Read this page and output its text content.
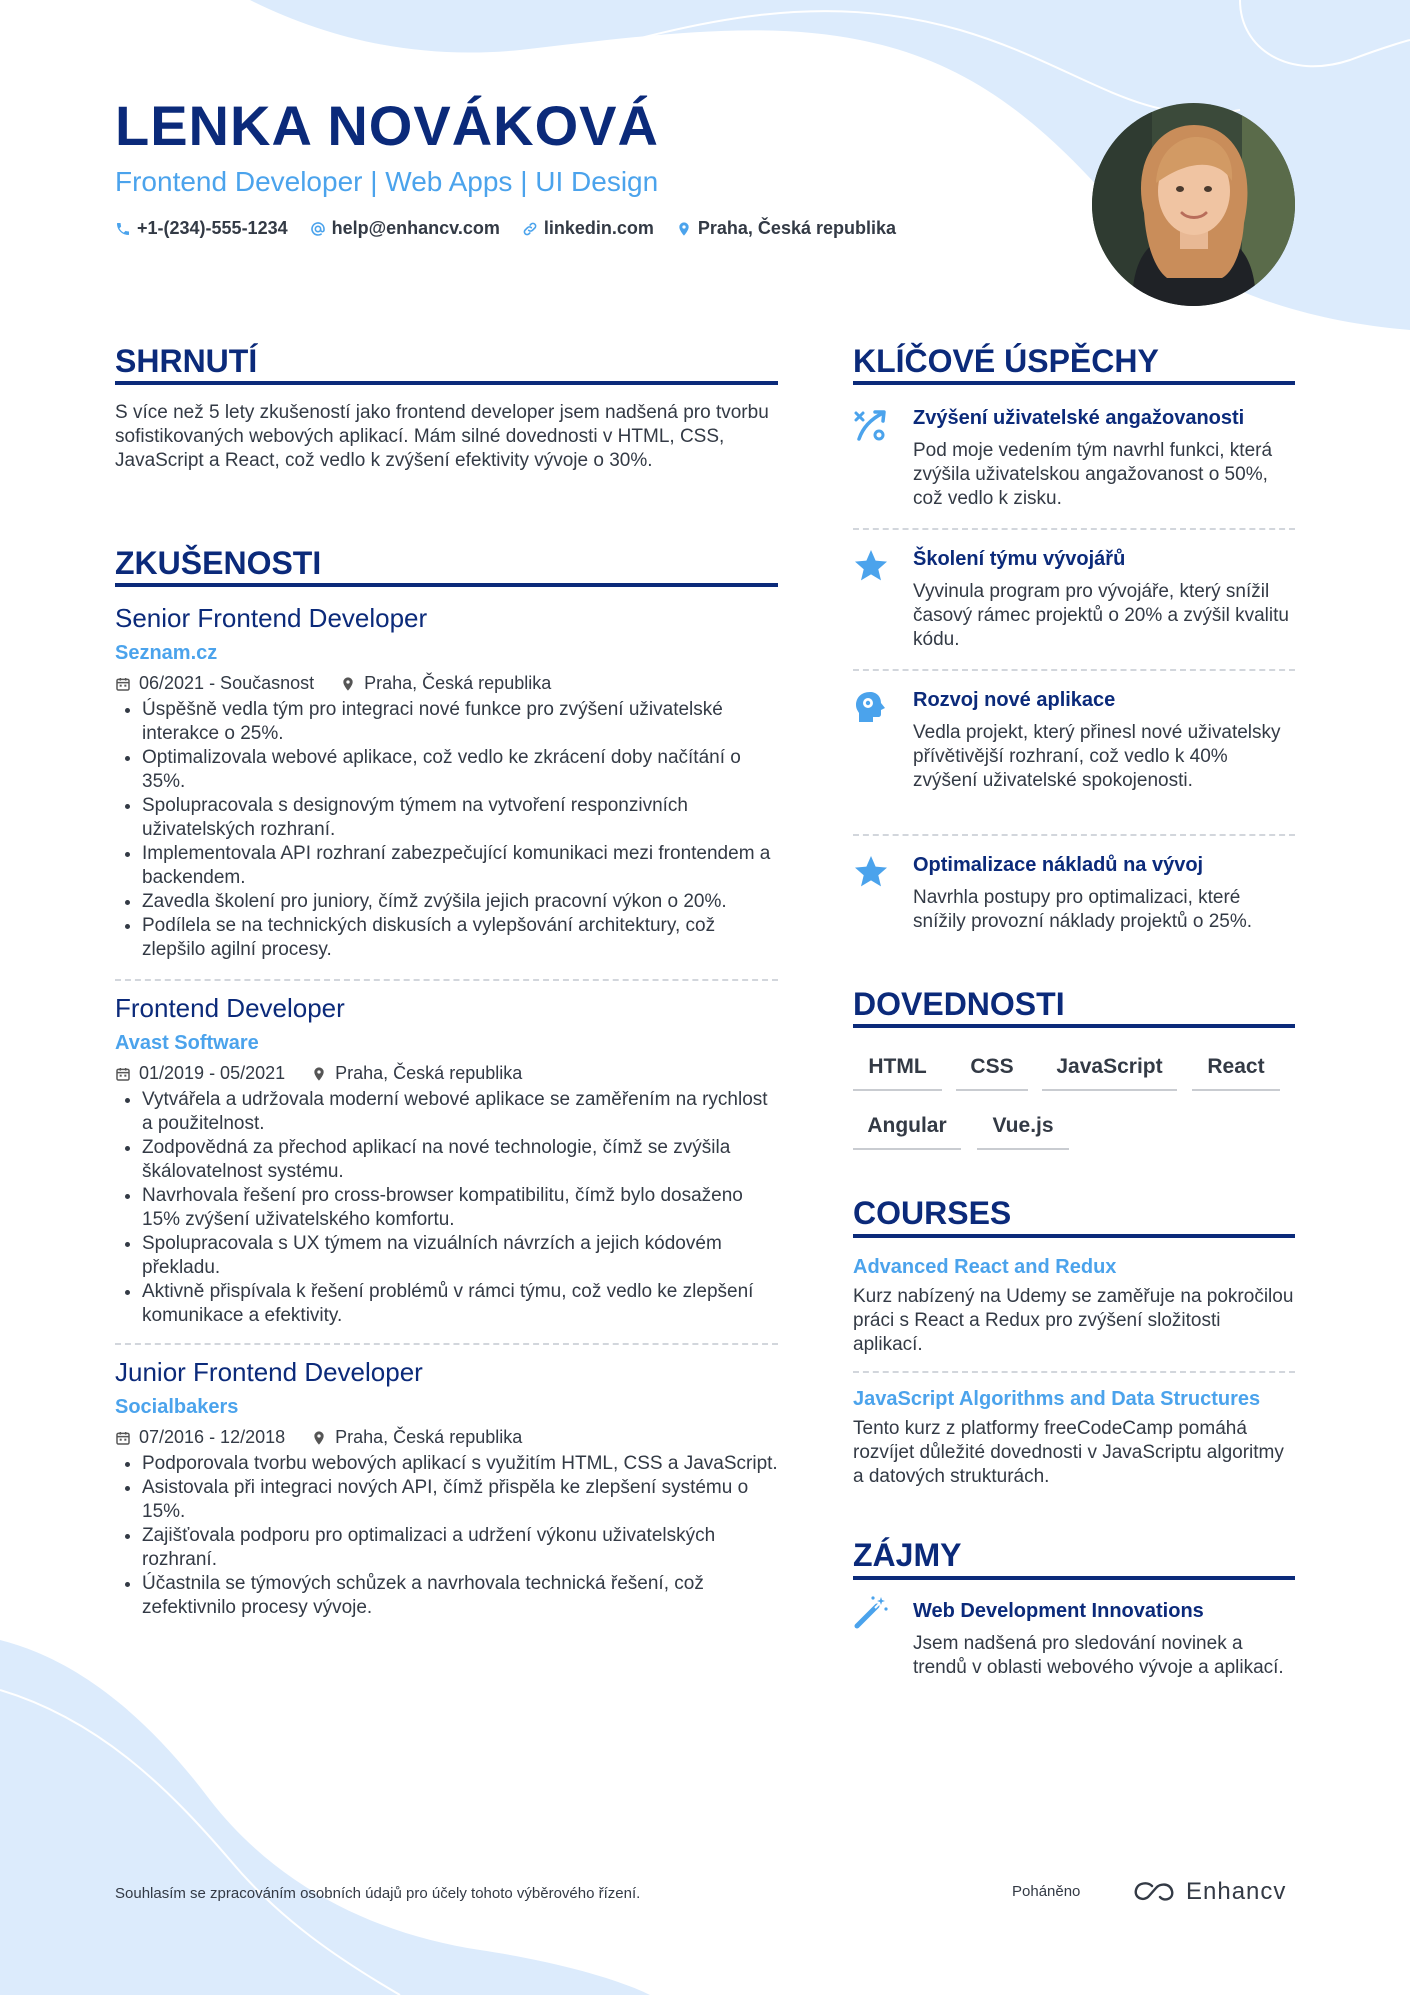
LENKA NOVÁKOVÁ
Frontend Developer | Web Apps | UI Design
+1-(234)-555-1234 help@enhancv.com linkedin.com Praha, Česká republika
SHRNUTÍ
S více než 5 lety zkušeností jako frontend developer jsem nadšená pro tvorbu sofistikovaných webových aplikací. Mám silné dovednosti v HTML, CSS, JavaScript a React, což vedlo k zvýšení efektivity vývoje o 30%.
ZKUŠENOSTI
Senior Frontend Developer
Seznam.cz
06/2021 - Současnost	Praha, Česká republika
• Úspěšně vedla tým pro integraci nové funkce pro zvýšení uživatelské interakce o 25%.
• Optimalizovala webové aplikace, což vedlo ke zkrácení doby načítání o 35%.
• Spolupracovala s designovým týmem na vytvoření responzivních uživatelských rozhraní.
• Implementovala API rozhraní zabezpečující komunikaci mezi frontendem a backendem.
• Zavedla školení pro juniory, čímž zvýšila jejich pracovní výkon o 20%.
• Podílela se na technických diskusích a vylepšování architektury, což zlepšilo agilní procesy.
Frontend Developer
Avast Software
01/2019 - 05/2021	Praha, Česká republika
• Vytvářela a udržovala moderní webové aplikace se zaměřením na rychlost a použitelnost.
• Zodpovědná za přechod aplikací na nové technologie, čímž se zvýšila škálovatelnost systému.
• Navrhovala řešení pro cross-browser kompatibilitu, čímž bylo dosaženo 15% zvýšení uživatelského komfortu.
• Spolupracovala s UX týmem na vizuálních návrzích a jejich kódovém překladu.
• Aktivně přispívala k řešení problémů v rámci týmu, což vedlo ke zlepšení komunikace a efektivity.
Junior Frontend Developer
Socialbakers
07/2016 - 12/2018	Praha, Česká republika
• Podporovala tvorbu webových aplikací s využitím HTML, CSS a JavaScript.
• Asistovala při integraci nových API, čímž přispěla ke zlepšení systému o 15%.
• Zajišťovala podporu pro optimalizaci a udržení výkonu uživatelských rozhraní.
• Účastnila se týmových schůzek a navrhovala technická řešení, což zefektivnilo procesy vývoje.
KLÍČOVÉ ÚSPĚCHY
Zvýšení uživatelské angažovanosti
Pod moje vedením tým navrhl funkci, která zvýšila uživatelskou angažovanost o 50%, což vedlo k zisku.
Školení týmu vývojářů
Vyvinula program pro vývojáře, který snížil časový rámec projektů o 20% a zvýšil kvalitu kódu.
Rozvoj nové aplikace
Vedla projekt, který přinesl nové uživatelsky přívětivější rozhraní, což vedlo k 40% zvýšení uživatelské spokojenosti.
Optimalizace nákladů na vývoj
Navrhla postupy pro optimalizaci, které snížily provozní náklady projektů o 25%.
DOVEDNOSTI
HTML	CSS	JavaScript	React
Angular	Vue.js
COURSES
Advanced React and Redux
Kurz nabízený na Udemy se zaměřuje na pokročilou práci s React a Redux pro zvýšení složitosti aplikací.
JavaScript Algorithms and Data Structures
Tento kurz z platformy freeCodeCamp pomáhá rozvíjet důležité dovednosti v JavaScriptu algoritmy a datových strukturách.
ZÁJMY
Web Development Innovations
Jsem nadšená pro sledování novinek a trendů v oblasti webového vývoje a aplikací.
Souhlasím se zpracováním osobních údajů pro účely tohoto výběrového řízení.	Poháněno	Enhancv
